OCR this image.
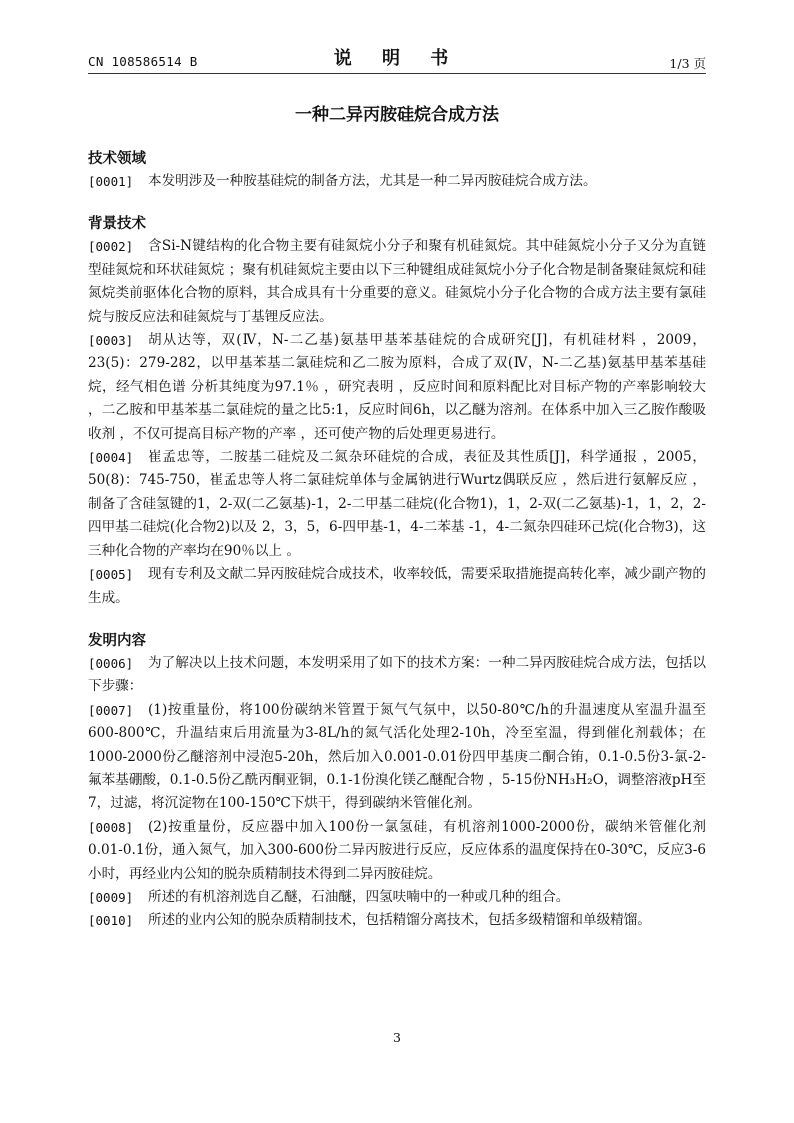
CN 108586514 B	说 明 书	1/3 页
一种二异丙胺硅烷合成方法
技术领域

[0001] 本发明涉及一种胺基硅烷的制备方法，尤其是一种二异丙胺硅烷合成方法。

背景技术

[0002] 含Si-N键结构的化合物主要有硅氮烷小分子和聚有机硅氮烷。其中硅氮烷小分子又分为直链型硅氮烷和环状硅氮烷 ；聚有机硅氮烷主要由以下三种键组成硅氮烷小分子化合物是制备聚硅氮烷和硅氮烷类前驱体化合物的原料，其合成具有十分重要的意义。硅氮烷小分子化合物的合成方法主要有氯硅烷与胺反应法和硅氮烷与丁基锂反应法。

[0003] 胡从达等，双(Ⅳ，N-二乙基)氨基甲基苯基硅烷的合成研究[J]，有机硅材料 ，2009，23(5)：279-282，以甲基苯基二氯硅烷和乙二胺为原料，合成了双(Ⅳ，N-二乙基)氨基甲基苯基硅烷，经气相色谱 分析其纯度为97.1％ ，研究表明 ，反应时间和原料配比对目标产物的产率影响较大 ，二乙胺和甲基苯基二氯硅烷的量之比5:1，反应时间6h，以乙醚为溶剂。在体系中加入三乙胺作酸吸收剂 ，不仅可提高目标产物的产率 ，还可使产物的后处理更易进行。

[0004] 崔孟忠等，二胺基二硅烷及二氮杂环硅烷的合成，表征及其性质[J]，科学通报 ，2005，50(8)：745-750，崔孟忠等人将二氯硅烷单体与金属钠进行Wurtz偶联反应 ，然后进行氨解反应 ，制备了含硅氢键的1，2-双(二乙氨基)-1，2-二甲基二硅烷(化合物1)，1，2-双(二乙氨基)-1，1，2，2-四甲基二硅烷(化合物2)以及 2，3，5，6-四甲基-1，4-二苯基 -1，4-二氮杂四硅环己烷(化合物3)，这三种化合物的产率均在90％以上 。

[0005] 现有专利及文献二异丙胺硅烷合成技术，收率较低，需要采取措施提高转化率，减少副产物的生成。

发明内容

[0006] 为了解决以上技术问题，本发明采用了如下的技术方案：一种二异丙胺硅烷合成方法，包括以下步骤：

[0007] (1)按重量份，将100份碳纳米管置于氮气气氛中，以50-80℃/h的升温速度从室温升温至600-800℃，升温结束后用流量为3-8L/h的氮气活化处理2-10h，冷至室温，得到催化剂载体；在1000-2000份乙醚溶剂中浸泡5-20h，然后加入0.001-0.01份四甲基庚二酮合铕，0.1-0.5份3-氯-2-氟苯基硼酸，0.1-0.5份乙酰丙酮亚铜，0.1-1份溴化镁乙醚配合物 ，5-15份NH₃H₂O，调整溶液pH至7，过滤，将沉淀物在100-150℃下烘干，得到碳纳米管催化剂。

[0008] (2)按重量份，反应器中加入100份一氯氢硅，有机溶剂1000-2000份，碳纳米管催化剂0.01-0.1份，通入氮气，加入300-600份二异丙胺进行反应，反应体系的温度保持在0-30℃，反应3-6小时，再经业内公知的脱杂质精制技术得到二异丙胺硅烷。

[0009] 所述的有机溶剂选自乙醚，石油醚，四氢呋喃中的一种或几种的组合。

[0010] 所述的业内公知的脱杂质精制技术，包括精馏分离技术，包括多级精馏和单级精馏。

3
